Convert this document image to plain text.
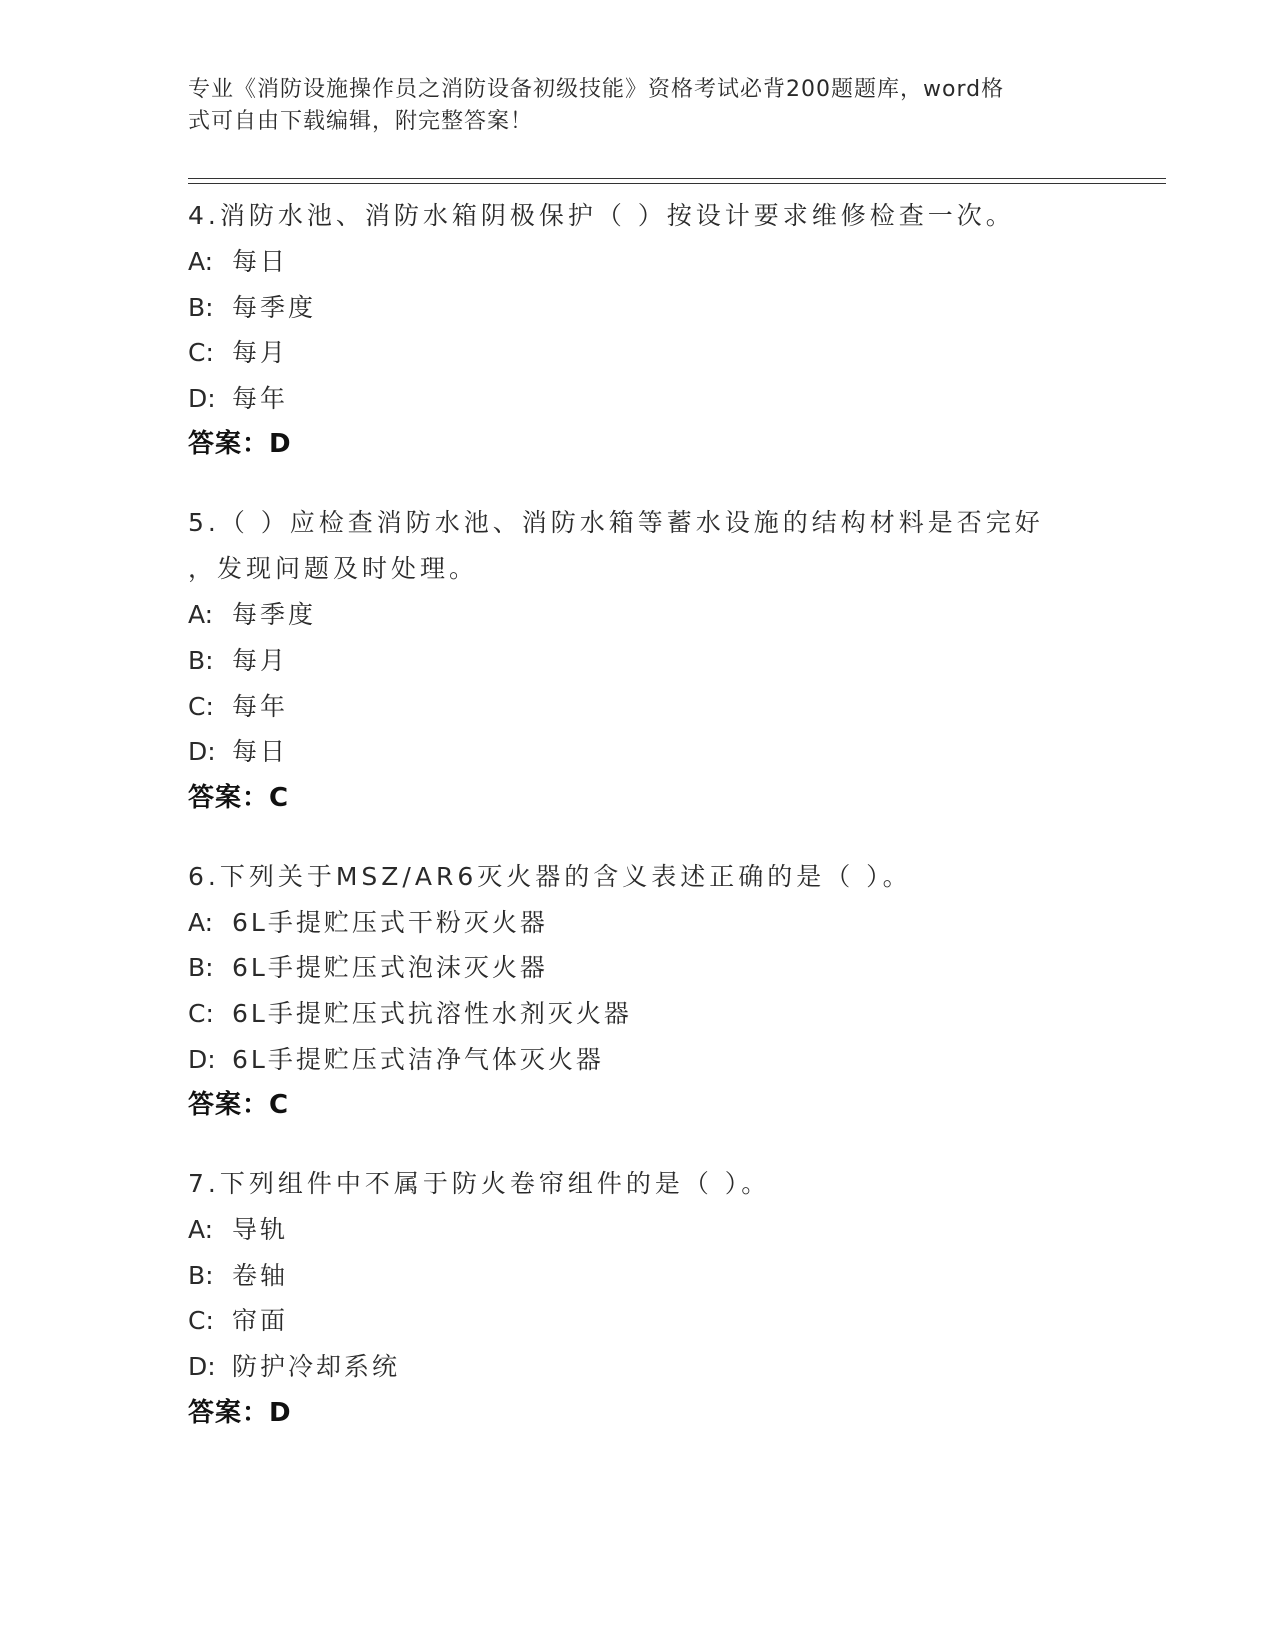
专业《消防设施操作员之消防设备初级技能》资格考试必背200题题库，word格
式可自由下载编辑，附完整答案！
4.消防水池、消防水箱阴极保护（ ）按设计要求维修检查一次。
A: 每日
B: 每季度
C: 每月
D: 每年
答案：D
5.（ ）应检查消防水池、消防水箱等蓄水设施的结构材料是否完好
，发现问题及时处理。
A: 每季度
B: 每月
C: 每年
D: 每日
答案：C
6.下列关于MSZ/AR6灭火器的含义表述正确的是（ ）。
A: 6L手提贮压式干粉灭火器
B: 6L手提贮压式泡沫灭火器
C: 6L手提贮压式抗溶性水剂灭火器
D: 6L手提贮压式洁净气体灭火器
答案：C
7.下列组件中不属于防火卷帘组件的是（ ）。
A: 导轨
B: 卷轴
C: 帘面
D: 防护冷却系统
答案：D
